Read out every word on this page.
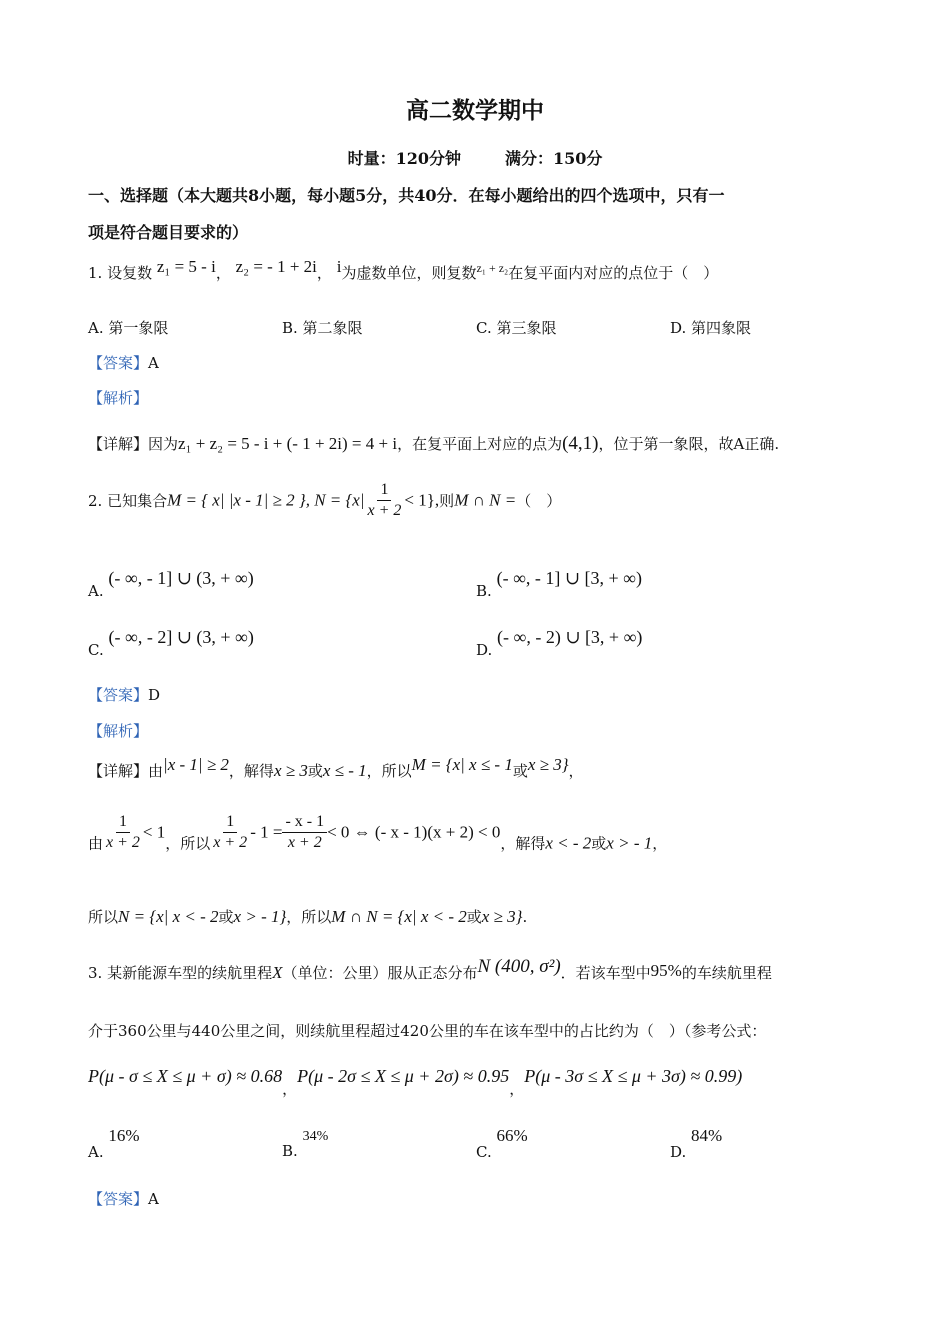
高二数学期中
时量：120分钟	满分：150分
一、选择题（本大题共8小题，每小题5分，共40分．在每小题给出的四个选项中，只有一
项是符合题目要求的）
1. 设复数 z₁ = 5 - i， z₂ = - 1 + 2i， i为虚数单位，则复数$^{z_1 + z_2}$在复平面内对应的点位于（　）
A. 第一象限	B. 第二象限	C. 第三象限	D. 第四象限
【答案】A
【解析】
【详解】因为z₁ + z₂ = 5 - i + (- 1 + 2i) = 4 + i，在复平面上对应的点为(4,1)，位于第一象限，故A正确.
2. 已知集合M = { x| |x - 1| ≥ 2 }, $N = \{x| \frac{1}{x + 2} < 1\}$,则M ∩ N =（　）
A. (- ∞, - 1] ∪ (3, + ∞)
B. (- ∞, - 1] ∪ [3, + ∞)
C. (- ∞, - 2] ∪ (3, + ∞)
D. (- ∞, - 2) ∪ [3, + ∞)
【答案】D
【解析】
【详解】由|x - 1| ≥ 2，解得x ≥ 3或x ≤ - 1，所以M = {x| x ≤ - 1或x ≥ 3}，
由 $\frac{1}{x + 2} < 1$，所以 $\frac{1}{x + 2} - 1 = \frac{- x - 1}{x + 2} < 0$ ⇔ (- x - 1)(x + 2) < 0，解得x < - 2或x > - 1，
所以N = {x| x < - 2或x > - 1}，所以M ∩ N = {x| x < - 2或x ≥ 3}.
3. 某新能源车型的续航里程X（单位：公里）服从正态分布N (400, σ²)．若该车型中95%的车续航里程
介于360公里与440公里之间，则续航里程超过420公里的车在该车型中的占比约为（　）（参考公式：
P(μ - σ ≤ X ≤ μ + σ) ≈ 0.68，P(μ - 2σ ≤ X ≤ μ + 2σ) ≈ 0.95，P(μ - 3σ ≤ X ≤ μ + 3σ) ≈ 0.99)
A. 16%
B. 34%
C. 66%
D. 84%
【答案】A
